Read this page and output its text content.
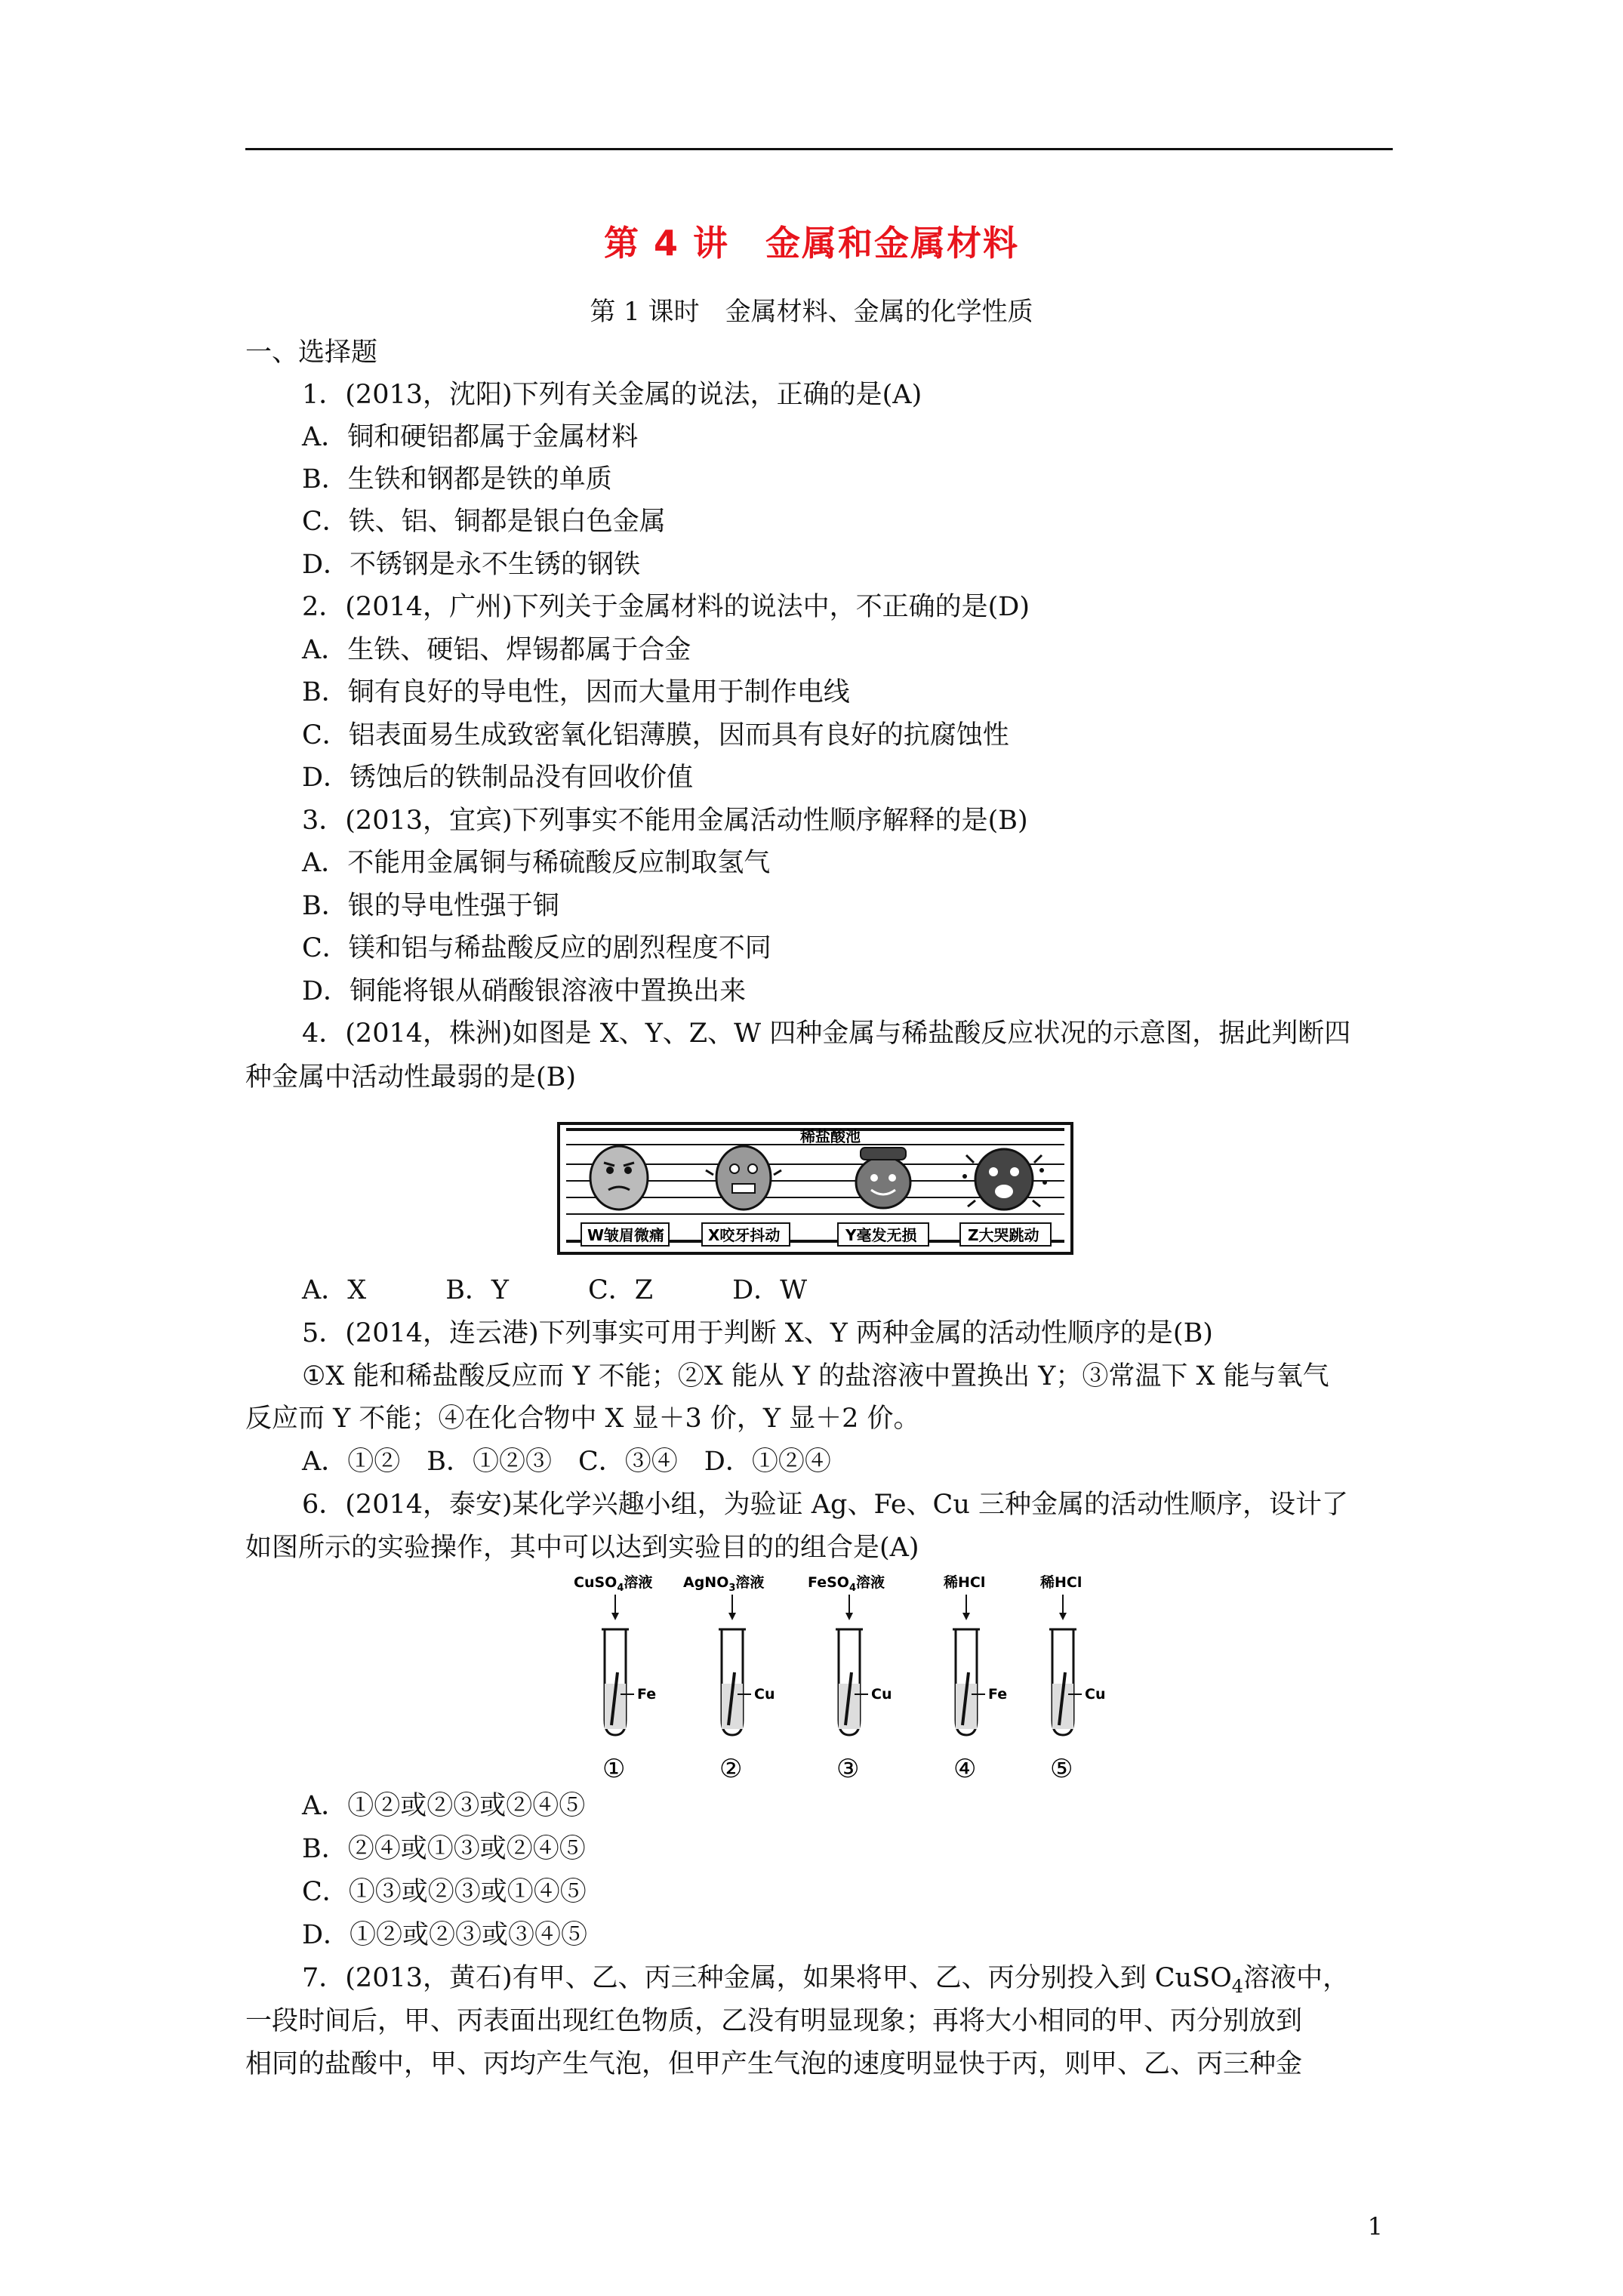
第 4 讲　金属和金属材料
第 1 课时　金属材料、金属的化学性质
一、选择题
1．(2013，沈阳)下列有关金属的说法，正确的是(A)
A．铜和硬铝都属于金属材料
B．生铁和钢都是铁的单质
C．铁、铝、铜都是银白色金属
D．不锈钢是永不生锈的钢铁
2．(2014，广州)下列关于金属材料的说法中，不正确的是(D)
A．生铁、硬铝、焊锡都属于合金
B．铜有良好的导电性，因而大量用于制作电线
C．铝表面易生成致密氧化铝薄膜，因而具有良好的抗腐蚀性
D．锈蚀后的铁制品没有回收价值
3．(2013，宜宾)下列事实不能用金属活动性顺序解释的是(B)
A．不能用金属铜与稀硫酸反应制取氢气
B．银的导电性强于铜
C．镁和铝与稀盐酸反应的剧烈程度不同
D．铜能将银从硝酸银溶液中置换出来
4．(2014，株洲)如图是 X、Y、Z、W 四种金属与稀盐酸反应状况的示意图，据此判断四
种金属中活动性最弱的是(B)
稀盐酸池
W皱眉微痛	X咬牙抖动	Y毫发无损	Z大哭跳动
A．X　　　B．Y　　　C．Z　　　D．W
5．(2014，连云港)下列事实可用于判断 X、Y 两种金属的活动性顺序的是(B)
①X 能和稀盐酸反应而 Y 不能；②X 能从 Y 的盐溶液中置换出 Y；③常温下 X 能与氧气
反应而 Y 不能；④在化合物中 X 显＋3 价，Y 显＋2 价。
A．①②　B．①②③　C．③④　D．①②④
6．(2014，泰安)某化学兴趣小组，为验证 Ag、Fe、Cu 三种金属的活动性顺序，设计了
如图所示的实验操作，其中可以达到实验目的的组合是(A)
CuSO$_4$溶液
Fe
①
AgNO$_3$溶液
Cu
②
FeSO$_4$溶液
Cu
③
稀HCl
Fe
④
稀HCl
Cu
⑤
A．①②或②③或②④⑤
B．②④或①③或②④⑤
C．①③或②③或①④⑤
D．①②或②③或③④⑤
7．(2013，黄石)有甲、乙、丙三种金属，如果将甲、乙、丙分别投入到 CuSO$_4$溶液中，
一段时间后，甲、丙表面出现红色物质，乙没有明显现象；再将大小相同的甲、丙分别放到
相同的盐酸中，甲、丙均产生气泡，但甲产生气泡的速度明显快于丙，则甲、乙、丙三种金
1
